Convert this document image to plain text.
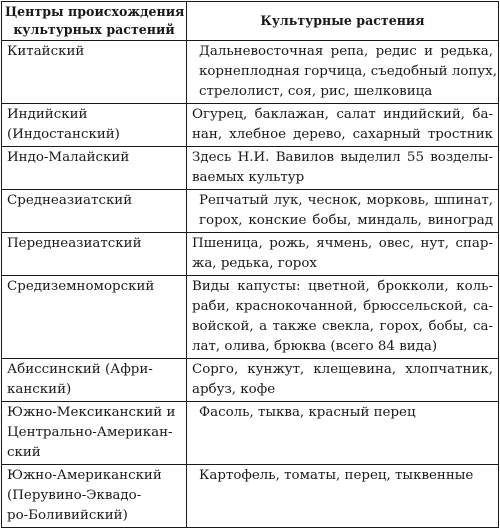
Центры происхождения
культурных растений	Культурные растения

Китайский	Дальневосточная репа, редис и редька,
корнеплодная горчица, съедобный лопух,
стрелолист, соя, рис, шелковица

Индийский
(Индостанский)	Огурец, баклажан, салат индийский, ба-
нан, хлебное дерево, сахарный тростник

Индо-Малайский	Здесь Н.И. Вавилов выделил 55 возделы-
ваемых культур

Среднеазиатский	Репчатый лук, чеснок, морковь, шпинат,
горох, конские бобы, миндаль, виноград

Переднеазиатский	Пшеница, рожь, ячмень, овес, нут, спар-
жа, редька, горох

Средиземноморский	Виды капусты: цветной, брокколи, коль-
раби, краснокочанной, брюссельской, са-
войской, а также свекла, горох, бобы, са-
лат, олива, брюква (всего 84 вида)

Абиссинский (Афри-
канский)	Сорго, кунжут, клещевина, хлопчатник,
арбуз, кофе

Южно-Мексиканский и
Центрально-Американ-
ский	Фасоль, тыква, красный перец

Южно-Американский
(Перувино-Эквадо-
ро-Боливийский)	Картофель, томаты, перец, тыквенные
